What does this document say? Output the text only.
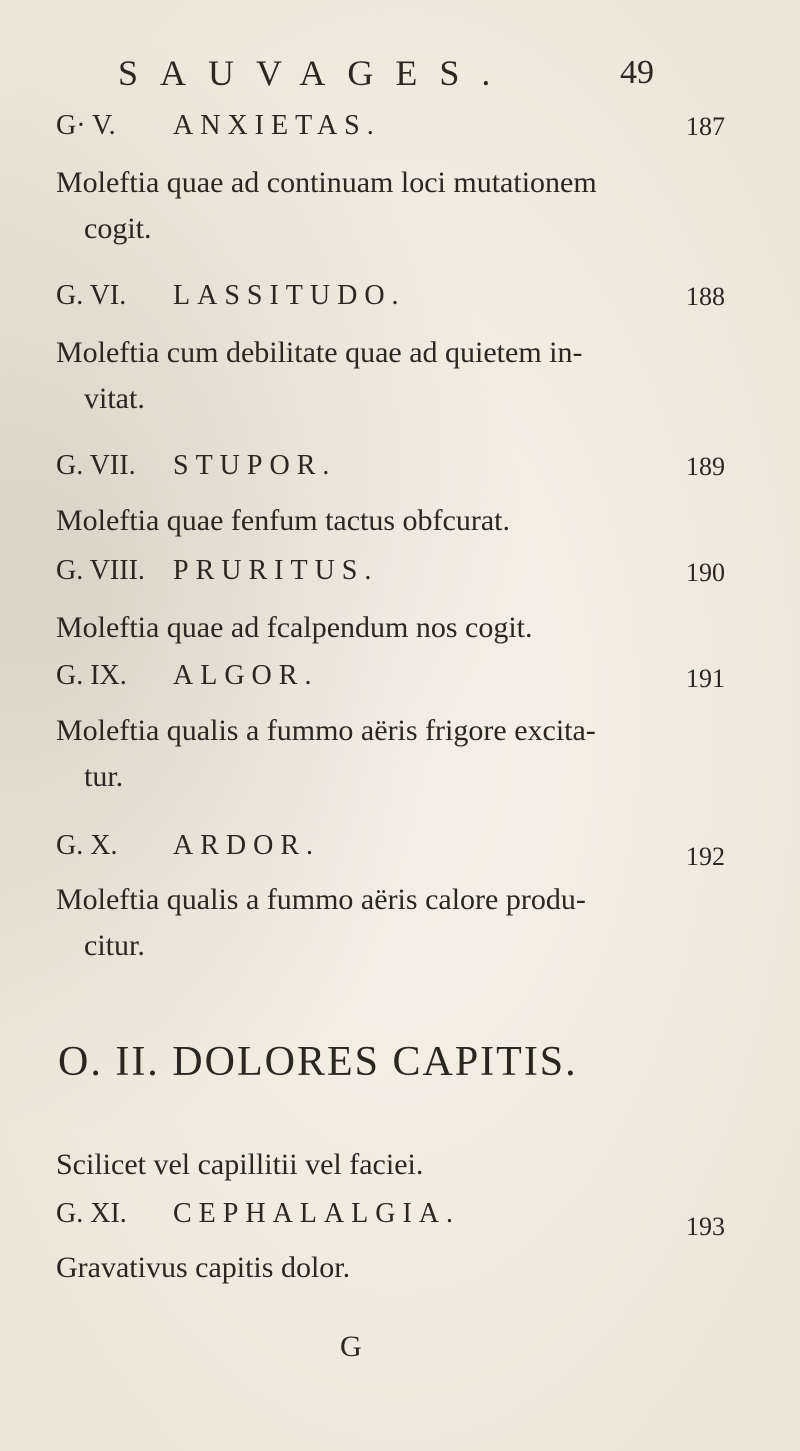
SAUVAGES.	49
G· V. ANXIETAS.	187
Moleftia quae ad continuam loci mutationem
cogit.
G. VI. LASSITUDO.	188
Moleftia cum debilitate quae ad quietem in-
vitat.
G. VII. STUPOR.	189
Moleftia quae fenfum tactus obfcurat.
G. VIII. PRURITUS.	190
Moleftia quae ad fcalpendum nos cogit.
G. IX. ALGOR.	191
Moleftia qualis a fummo aëris frigore excita-
tur.
G. X. ARDOR.	192
Moleftia qualis a fummo aëris calore produ-
citur.
O. II. DOLORES CAPITIS.
Scilicet vel capillitii vel faciei.
G. XI. CEPHALALGIA.	193
Gravativus capitis dolor.
G
